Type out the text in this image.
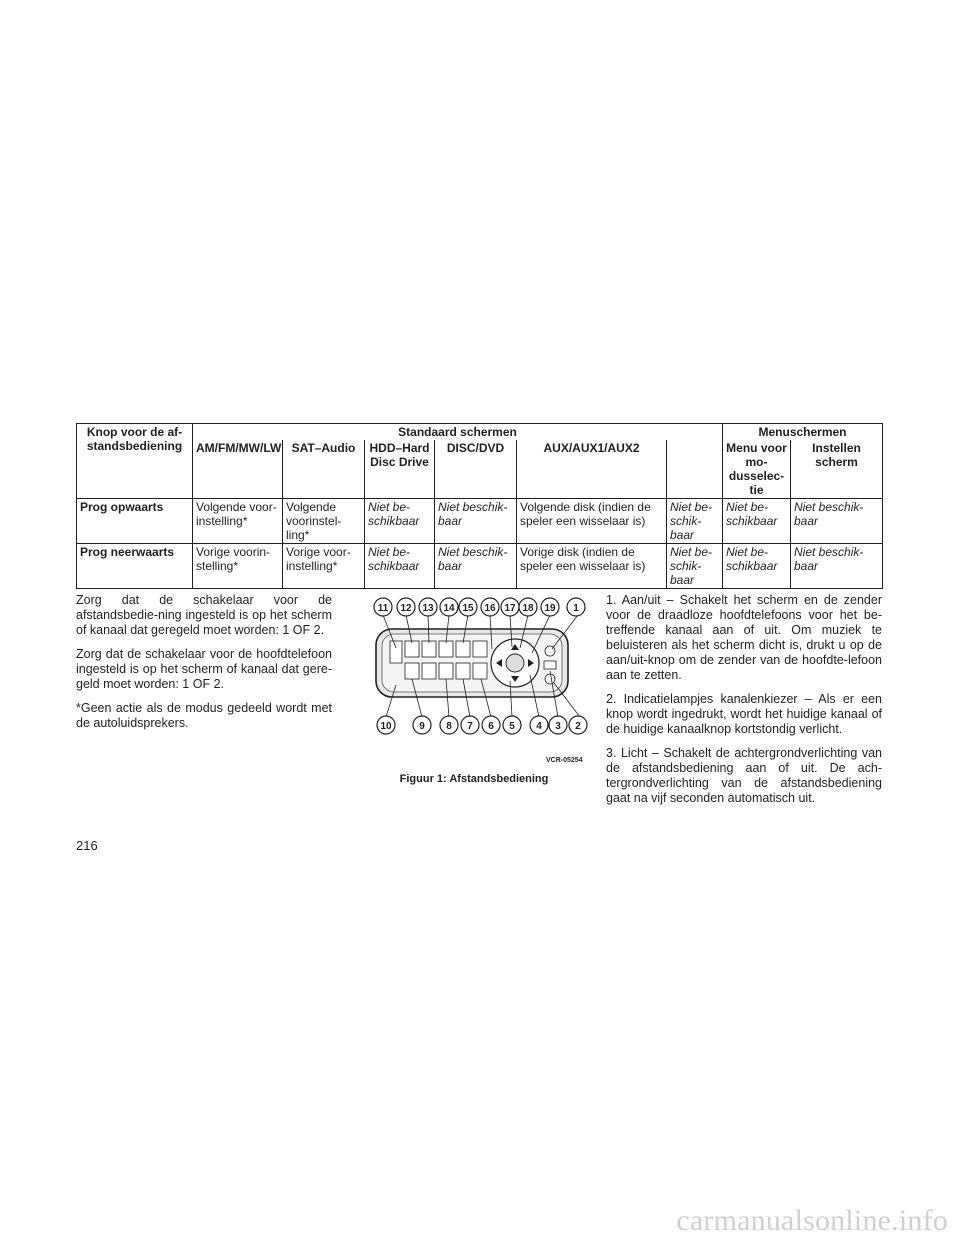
Knop voor de af-standsbediening	Standaard schermen						Menuschermen	
	AM/FM/MW/LW	SAT–Audio	HDD–Hard Disc Drive	DISC/DVD	AUX/AUX1/AUX2		Menu voor mo-dusselec-tie	Instellen scherm
Prog opwaarts	Volgende voor-instelling*	Volgende voorinstel-ling*	Niet be-schikbaar	Niet beschik-baar	Volgende disk (indien de speler een wisselaar is)	Niet be-schik-baar	Niet be-schikbaar	Niet beschik-baar
Prog neerwaarts	Vorige voorin-stelling*	Vorige voor-instelling*	Niet be-schikbaar	Niet beschik-baar	Vorige disk (indien de speler een wisselaar is)	Niet be-schik-baar	Niet be-schikbaar	Niet beschik-baar

Zorg dat de schakelaar voor de afstandsbedie-ning ingesteld is op het scherm of kanaal dat geregeld moet worden: 1 OF 2.

Zorg dat de schakelaar voor de hoofdtelefoon ingesteld is op het scherm of kanaal dat gere-geld moet worden: 1 OF 2.

*Geen actie als de modus gedeeld wordt met de autoluidsprekers.

11 12 13 14 15 16 17 18 19 1
10	9 8 7 6 5 4 3 2
VCR-05254
Figuur 1: Afstandsbediening

1. Aan/uit – Schakelt het scherm en de zender voor de draadloze hoofdtelefoons voor het be-treffende kanaal aan of uit. Om muziek te beluisteren als het scherm dicht is, drukt u op de aan/uit-knop om de zender van de hoofdte-lefoon aan te zetten.

2. Indicatielampjes kanalenkiezer – Als er een knop wordt ingedrukt, wordt het huidige kanaal of de huidige kanaalknop kortstondig verlicht.

3. Licht – Schakelt de achtergrondverlichting van de afstandsbediening aan of uit. De ach-tergrondverlichting van de afstandsbediening gaat na vijf seconden automatisch uit.

216
carmanualsonline.info
